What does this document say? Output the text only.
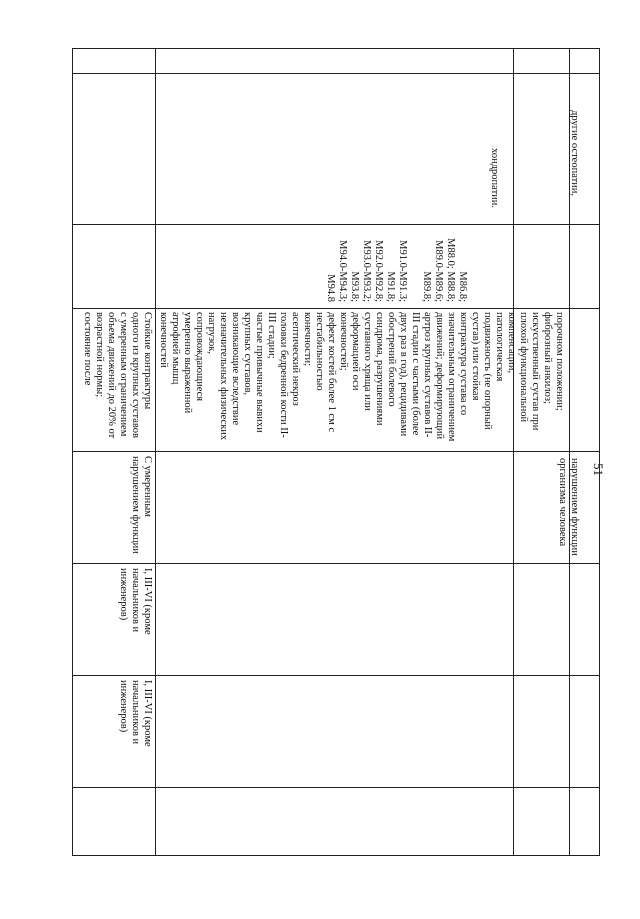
51
другие остеопатии,
нарушением функции
организма человека
хондропатии.
M86.8;
M88.0; M88.8;
M89.0-M89.6;
M89.8;

M91.0-M91.3;
M91.8;
M92.0-M92.8;
M93.0-M93.2;
M93.8;
M94.0-M94.3;
M94.8
порочном положении;
фиброзный анкилоз;
искусственный сустав при
плохой функциональной
компенсации,
патологическая
подвижность (не опорный
сустав) или стойкая
контрактура сустава со
значительным ограничением
движений; деформирующий
артроз крупных суставов II-
III стадии с частыми (более
двух раз в год), рецидивами
обострений болевого
синдрома, разрушениями
суставного хряща или
деформацией оси
конечностей;
дефект костей более 1 см с
нестабильностью
конечности;
асептический некроз
головки бедренной кости II-
III стадии;
частые привычные вывихи
крупных суставов,
возникающие вследствие
незначительных физических
нагрузок,
сопровождающиеся
умеренно выраженной
атрофией мышц
конечностей
Стойкие контрактуры
одного из крупных суставов
с умеренным ограничением
объема движений до 20% от
возрастной нормы;
состояние после
С умеренным
нарушением функции
I, III-VI (кроме
начальников и
инженеров)
I, III-VI (кроме
начальников и
инженеров)
